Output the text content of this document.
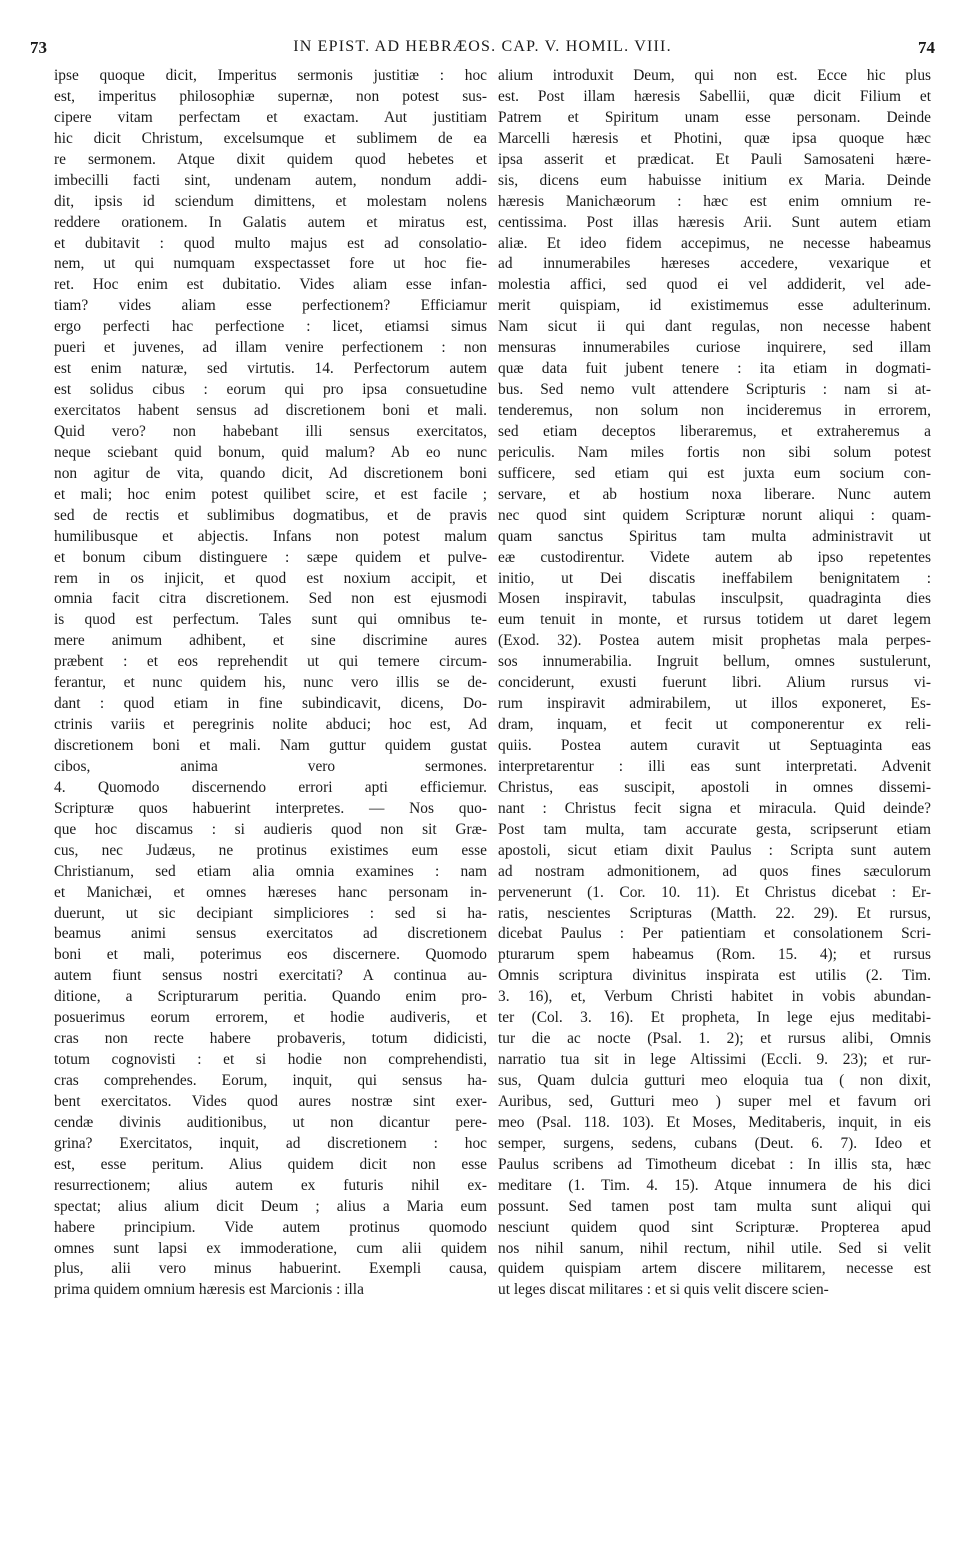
73	IN EPIST. AD HEBRÆOS. CAP. V. HOMIL. VIII.	74
ipse quoque dicit, Imperitus sermonis justitiæ : hoc
est, imperitus philosophiæ supernæ, non potest sus-
cipere vitam perfectam et exactam. Aut justitiam
hic dicit Christum, excelsumque et sublimem de ea
re sermonem. Atque dixit quidem quod hebetes et
imbecilli facti sint, undenam autem, nondum addi-
dit, ipsis id sciendum dimittens, et molestam nolens
reddere orationem. In Galatis autem et miratus est,
et dubitavit : quod multo majus est ad consolatio-
nem, ut qui numquam exspectasset fore ut hoc fie-
ret. Hoc enim est dubitatio. Vides aliam esse infan-
tiam? vides aliam esse perfectionem? Efficiamur
ergo perfecti hac perfectione : licet, etiamsi simus
pueri et juvenes, ad illam venire perfectionem : non
est enim naturæ, sed virtutis. 14. Perfectorum autem
est solidus cibus : eorum qui pro ipsa consuetudine
exercitatos habent sensus ad discretionem boni et mali.
Quid vero? non habebant illi sensus exercitatos,
neque sciebant quid bonum, quid malum? Ab eo nunc
non agitur de vita, quando dicit, Ad discretionem boni
et mali; hoc enim potest quilibet scire, et est facile ;
sed de rectis et sublimibus dogmatibus, et de pravis
humilibusque et abjectis. Infans non potest malum
et bonum cibum distinguere : sæpe quidem et pulve-
rem in os injicit, et quod est noxium accipit, et
omnia facit citra discretionem. Sed non est ejusmodi
is quod est perfectum. Tales sunt qui omnibus te-
mere animum adhibent, et sine discrimine aures
præbent : et eos reprehendit ut qui temere circum-
ferantur, et nunc quidem his, nunc vero illis se de-
dant : quod etiam in fine subindicavit, dicens, Do-
ctrinis variis et peregrinis nolite abduci; hoc est, Ad
discretionem boni et mali. Nam guttur quidem gustat
cibos, anima vero sermones.
4. Quomodo discernendo errori apti efficiemur.
Scripturæ quos habuerint interpretes. — Nos quo-
que hoc discamus : si audieris quod non sit Græ-
cus, nec Judæus, ne protinus existimes eum esse
Christianum, sed etiam alia omnia examines : nam
et Manichæi, et omnes hæreses hanc personam in-
duerunt, ut sic decipiant simpliciores : sed si ha-
beamus animi sensus exercitatos ad discretionem
boni et mali, poterimus eos discernere. Quomodo
autem fiunt sensus nostri exercitati? A continua au-
ditione, a Scripturarum peritia. Quando enim pro-
posuerimus eorum errorem, et hodie audiveris, et
cras non recte habere probaveris, totum didicisti,
totum cognovisti : et si hodie non comprehendisti,
cras comprehendes. Eorum, inquit, qui sensus ha-
bent exercitatos. Vides quod aures nostræ sint exer-
cendæ divinis auditionibus, ut non dicantur pere-
grina? Exercitatos, inquit, ad discretionem : hoc
est, esse peritum. Alius quidem dicit non esse
resurrectionem; alius autem ex futuris nihil ex-
spectat; alius alium dicit Deum ; alius a Maria eum
habere principium. Vide autem protinus quomodo
omnes sunt lapsi ex immoderatione, cum alii quidem
plus, alii vero minus habuerint. Exempli causa,
prima quidem omnium hæresis est Marcionis : illa
alium introduxit Deum, qui non est. Ecce hic plus
est. Post illam hæresis Sabellii, quæ dicit Filium et
Patrem et Spiritum unam esse personam. Deinde
Marcelli hæresis et Photini, quæ ipsa quoque hæc
ipsa asserit et prædicat. Et Pauli Samosateni hære-
sis, dicens eum habuisse initium ex Maria. Deinde
hæresis Manichæorum : hæc est enim omnium re-
centissima. Post illas hæresis Arii. Sunt autem etiam
aliæ. Et ideo fidem accepimus, ne necesse habeamus
ad innumerabiles hæreses accedere, vexarique et
molestia affici, sed quod ei vel addiderit, vel ade-
merit quispiam, id existimemus esse adulterinum.
Nam sicut ii qui dant regulas, non necesse habent
mensuras innumerabiles curiose inquirere, sed illam
quæ data fuit jubent tenere : ita etiam in dogmati-
bus. Sed nemo vult attendere Scripturis : nam si at-
tenderemus, non solum non incideremus in errorem,
sed etiam deceptos liberaremus, et extraheremus a
periculis. Nam miles fortis non sibi solum potest
sufficere, sed etiam qui est juxta eum socium con-
servare, et ab hostium noxa liberare. Nunc autem
nec quod sint quidem Scripturæ norunt aliqui : quam-
quam sanctus Spiritus tam multa administravit ut
eæ custodirentur. Videte autem ab ipso repetentes
initio, ut Dei discatis ineffabilem benignitatem :
Mosen inspiravit, tabulas insculpsit, quadraginta dies
eum tenuit in monte, et rursus totidem ut daret legem
(Exod. 32). Postea autem misit prophetas mala perpes-
sos innumerabilia. Ingruit bellum, omnes sustulerunt,
conciderunt, exusti fuerunt libri. Alium rursus vi-
rum inspiravit admirabilem, ut illos exponeret, Es-
dram, inquam, et fecit ut componerentur ex reli-
quiis. Postea autem curavit ut Septuaginta eas
interpretarentur : illi eas sunt interpretati. Advenit
Christus, eas suscipit, apostoli in omnes dissemi-
nant : Christus fecit signa et miracula. Quid deinde?
Post tam multa, tam accurate gesta, scripserunt etiam
apostoli, sicut etiam dixit Paulus : Scripta sunt autem
ad nostram admonitionem, ad quos fines sæculorum
pervenerunt (1. Cor. 10. 11). Et Christus dicebat : Er-
ratis, nescientes Scripturas (Matth. 22. 29). Et rursus,
dicebat Paulus : Per patientiam et consolationem Scri-
pturarum spem habeamus (Rom. 15. 4); et rursus
Omnis scriptura divinitus inspirata est utilis (2. Tim.
3. 16), et, Verbum Christi habitet in vobis abundan-
ter (Col. 3. 16). Et propheta, In lege ejus meditabi-
tur die ac nocte (Psal. 1. 2); et rursus alibi, Omnis
narratio tua sit in lege Altissimi (Eccli. 9. 23); et rur-
sus, Quam dulcia gutturi meo eloquia tua ( non dixit,
Auribus, sed, Gutturi meo ) super mel et favum ori
meo (Psal. 118. 103). Et Moses, Meditaberis, inquit, in eis
semper, surgens, sedens, cubans (Deut. 6. 7). Ideo et
Paulus scribens ad Timotheum dicebat : In illis sta, hæc
meditare (1. Tim. 4. 15). Atque innumera de his dici
possunt. Sed tamen post tam multa sunt aliqui qui
nesciunt quidem quod sint Scripturæ. Propterea apud
nos nihil sanum, nihil rectum, nihil utile. Sed si velit
quidem quispiam artem discere militarem, necesse est
ut leges discat militares : et si quis velit discere scien-
